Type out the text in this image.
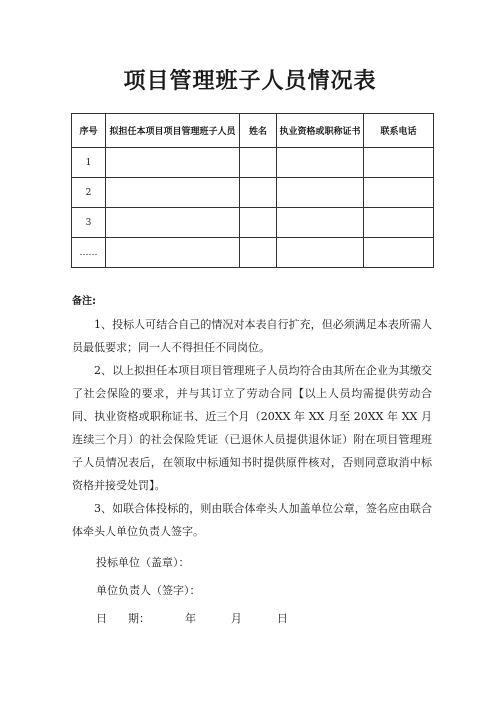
项目管理班子人员情况表
序号	拟担任本项目项目管理班子人员	姓名	执业资格或职称证书	联系电话
1				
2				
3				
……				
备注:

1、投标人可结合自己的情况对本表自行扩充，但必须满足本表所需人员最低要求；同一人不得担任不同岗位。

2、以上拟担任本项目项目管理班子人员均符合由其所在企业为其缴交了社会保险的要求，并与其订立了劳动合同【以上人员均需提供劳动合同、执业资格或职称证书、近三个月（20XX 年 XX 月至 20XX 年 XX 月连续三个月）的社会保险凭证（已退休人员提供退休证）附在项目管理班子人员情况表后，在领取中标通知书时提供原件核对，否则同意取消中标资格并接受处罚】。

3、如联合体投标的，则由联合体牵头人加盖单位公章，签名应由联合体牵头人单位负责人签字。

投标单位（盖章）：
单位负责人（签字）：
日      期：          年          月          日
